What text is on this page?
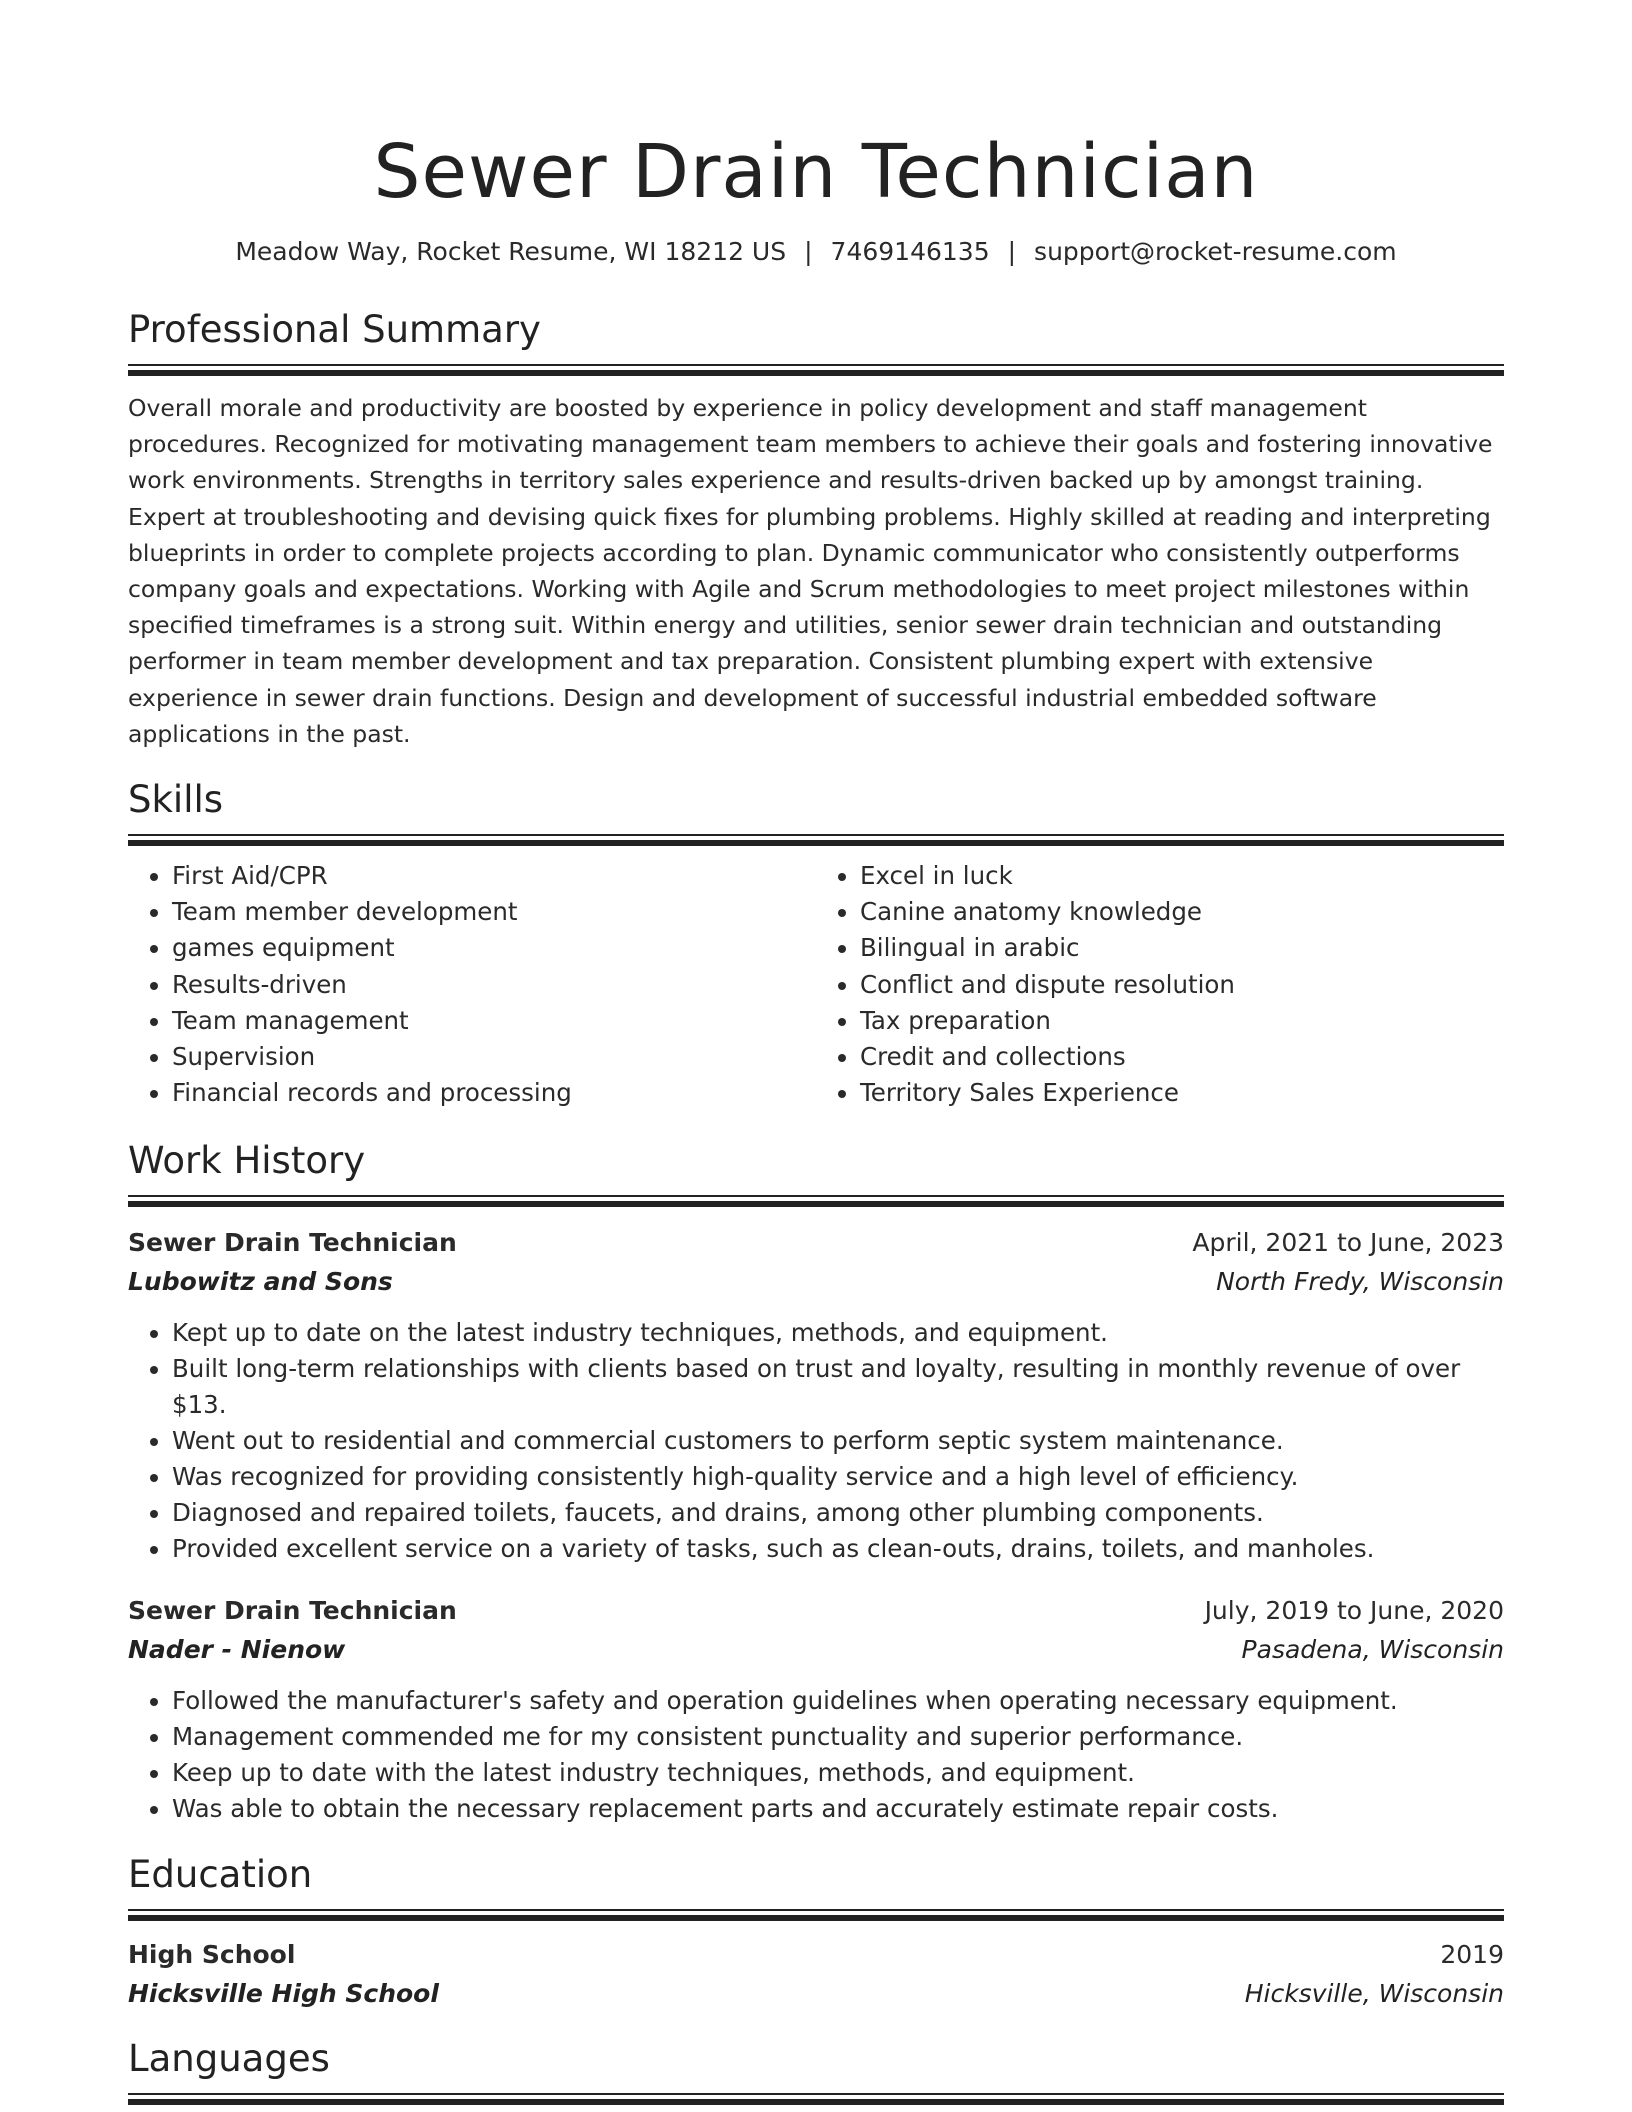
Sewer Drain Technician
Meadow Way, Rocket Resume, WI 18212 US | 7469146135 | support@rocket-resume.com
Professional Summary
Overall morale and productivity are boosted by experience in policy development and staff management procedures. Recognized for motivating management team members to achieve their goals and fostering innovative work environments. Strengths in territory sales experience and results-driven backed up by amongst training. Expert at troubleshooting and devising quick fixes for plumbing problems. Highly skilled at reading and interpreting blueprints in order to complete projects according to plan. Dynamic communicator who consistently outperforms company goals and expectations. Working with Agile and Scrum methodologies to meet project milestones within specified timeframes is a strong suit. Within energy and utilities, senior sewer drain technician and outstanding performer in team member development and tax preparation. Consistent plumbing expert with extensive experience in sewer drain functions. Design and development of successful industrial embedded software applications in the past.
Skills
• First Aid/CPR
• Team member development
• games equipment
• Results-driven
• Team management
• Supervision
• Financial records and processing
• Excel in luck
• Canine anatomy knowledge
• Bilingual in arabic
• Conflict and dispute resolution
• Tax preparation
• Credit and collections
• Territory Sales Experience
Work History
Sewer Drain Technician	April, 2021 to June, 2023
Lubowitz and Sons	North Fredy, Wisconsin
• Kept up to date on the latest industry techniques, methods, and equipment.
• Built long-term relationships with clients based on trust and loyalty, resulting in monthly revenue of over $13.
• Went out to residential and commercial customers to perform septic system maintenance.
• Was recognized for providing consistently high-quality service and a high level of efficiency.
• Diagnosed and repaired toilets, faucets, and drains, among other plumbing components.
• Provided excellent service on a variety of tasks, such as clean-outs, drains, toilets, and manholes.
Sewer Drain Technician	July, 2019 to June, 2020
Nader - Nienow	Pasadena, Wisconsin
• Followed the manufacturer's safety and operation guidelines when operating necessary equipment.
• Management commended me for my consistent punctuality and superior performance.
• Keep up to date with the latest industry techniques, methods, and equipment.
• Was able to obtain the necessary replacement parts and accurately estimate repair costs.
Education
High School	2019
Hicksville High School	Hicksville, Wisconsin
Languages
